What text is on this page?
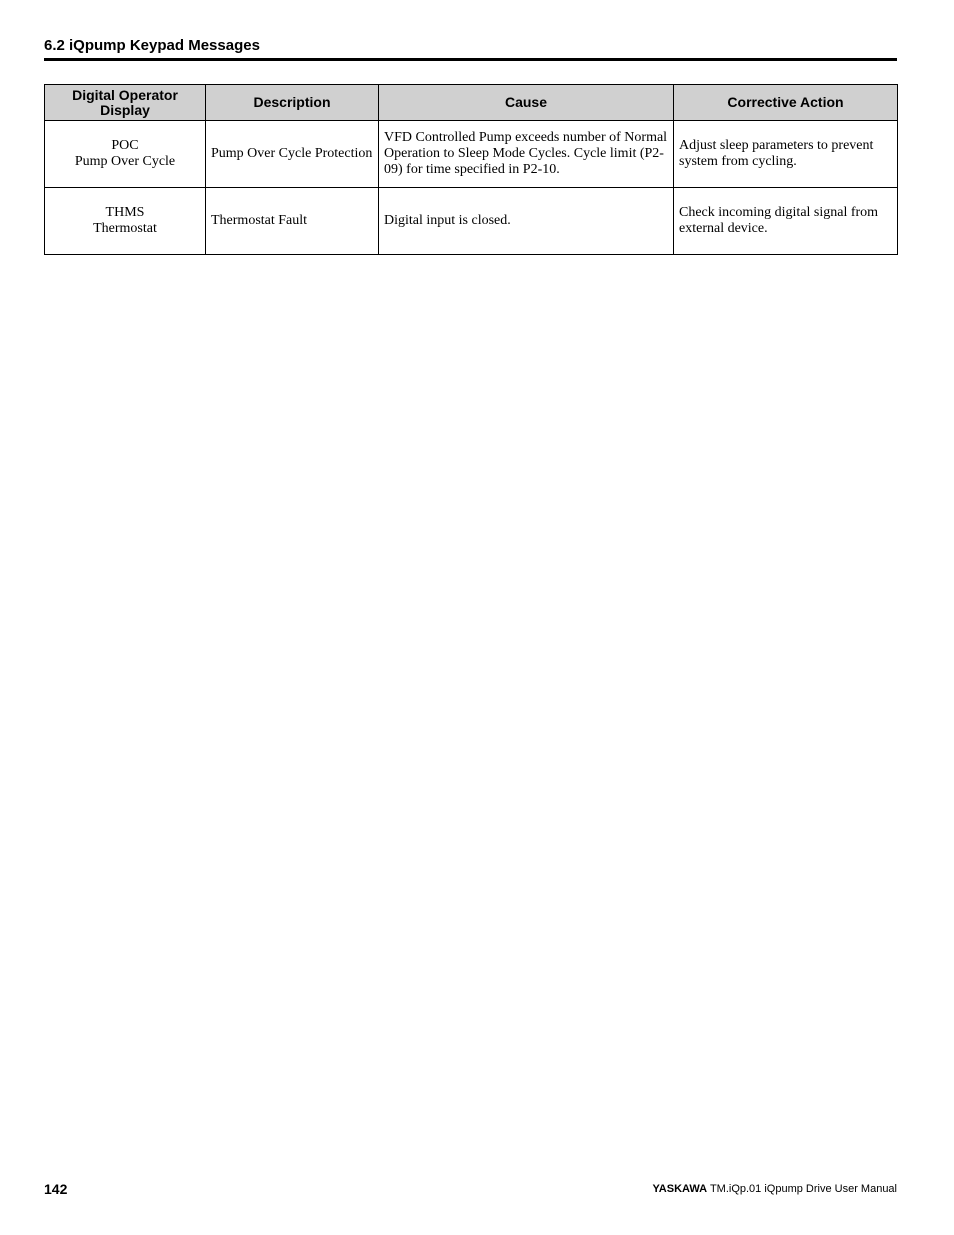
6.2 iQpump Keypad Messages
Digital Operator Display	Description	Cause	Corrective Action

POC
Pump Over Cycle	Pump Over Cycle Protection	VFD Controlled Pump exceeds number of Normal Operation to Sleep Mode Cycles. Cycle limit (P2-09) for time specified in P2-10.	Adjust sleep parameters to prevent system from cycling.

THMS
Thermostat	Thermostat Fault	Digital input is closed.	Check incoming digital signal from external device.
142	YASKAWA TM.iQp.01 iQpump Drive User Manual
